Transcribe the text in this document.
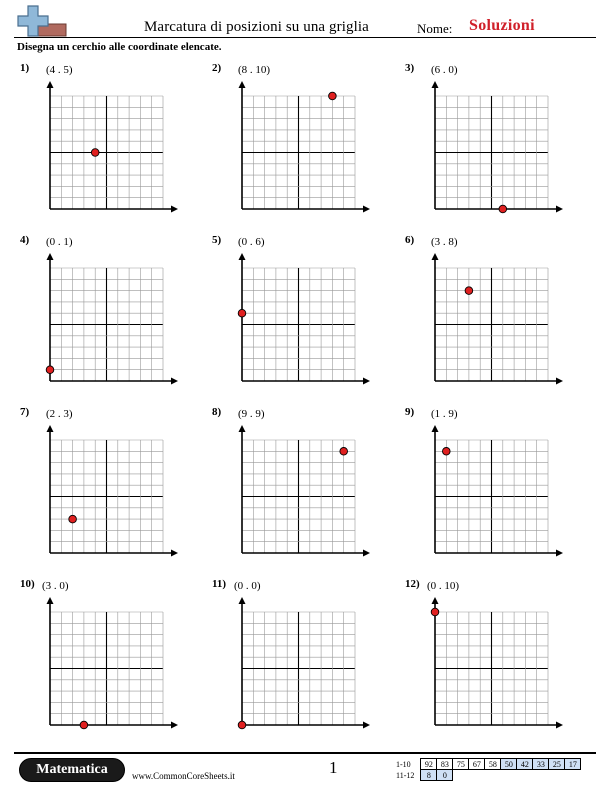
Marcatura di posizioni su una griglia	Nome: Soluzioni
Disegna un cerchio alle coordinate elencate.
1) (4 . 5)	2) (8 . 10)	3) (6 . 0)
4) (0 . 1)	5) (0 . 6)	6) (3 . 8)
7) (2 . 3)	8) (9 . 9)	9) (1 . 9)
10) (3 . 0)	11) (0 . 0)	12) (0 . 10)
Matematica	www.CommonCoreSheets.it	1	1-10	92	83	75	67	58	50	42	33	25	17
11-12	8	0								
